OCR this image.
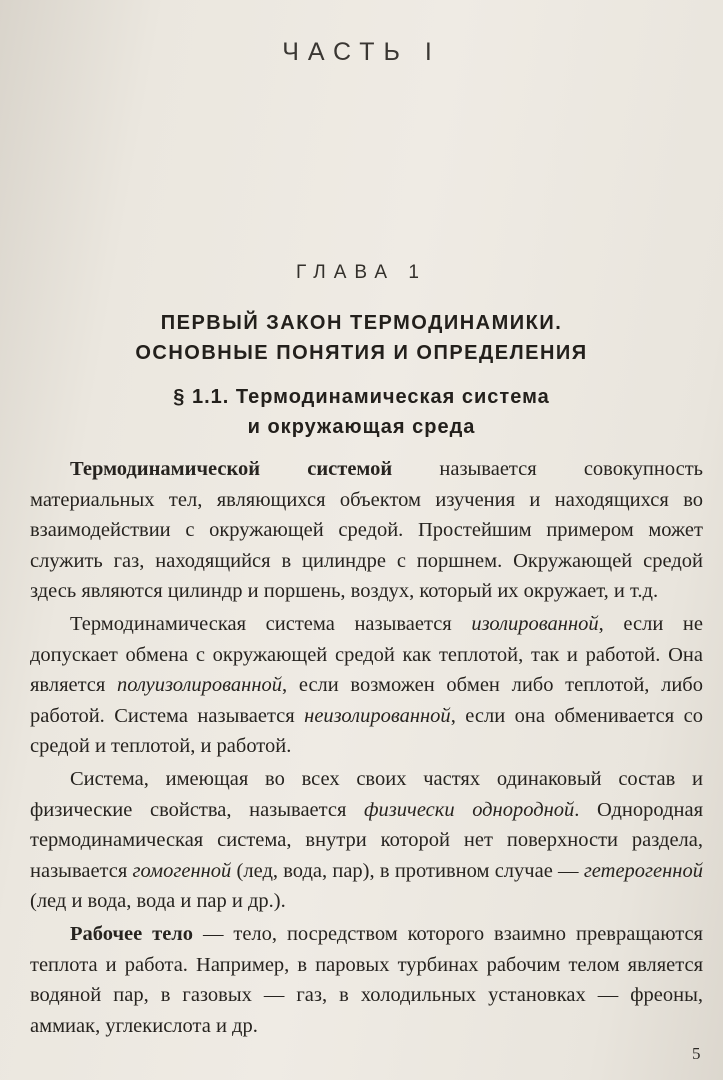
ЧАСТЬ I
ГЛАВА 1
ПЕРВЫЙ ЗАКОН ТЕРМОДИНАМИКИ.
ОСНОВНЫЕ ПОНЯТИЯ И ОПРЕДЕЛЕНИЯ
§ 1.1. Термодинамическая система
и окружающая среда

Термодинамической системой называется совокупность материальных тел, являющихся объектом изучения и находящихся во взаимодействии с окружающей средой. Простейшим примером может служить газ, находящийся в цилиндре с поршнем. Окружающей средой здесь являются цилиндр и поршень, воздух, который их окружает, и т.д.

Термодинамическая система называется изолированной, если не допускает обмена с окружающей средой как теплотой, так и работой. Она является полуизолированной, если возможен обмен либо теплотой, либо работой. Система называется неизолированной, если она обменивается со средой и теплотой, и работой.

Система, имеющая во всех своих частях одинаковый состав и физические свойства, называется физически однородной. Однородная термодинамическая система, внутри которой нет поверхности раздела, называется гомогенной (лед, вода, пар), в противном случае — гетерогенной (лед и вода, вода и пар и др.).

Рабочее тело — тело, посредством которого взаимно превращаются теплота и работа. Например, в паровых турбинах рабочим телом является водяной пар, в газовых — газ, в холодильных установках — фреоны, аммиак, углекислота и др.

5
